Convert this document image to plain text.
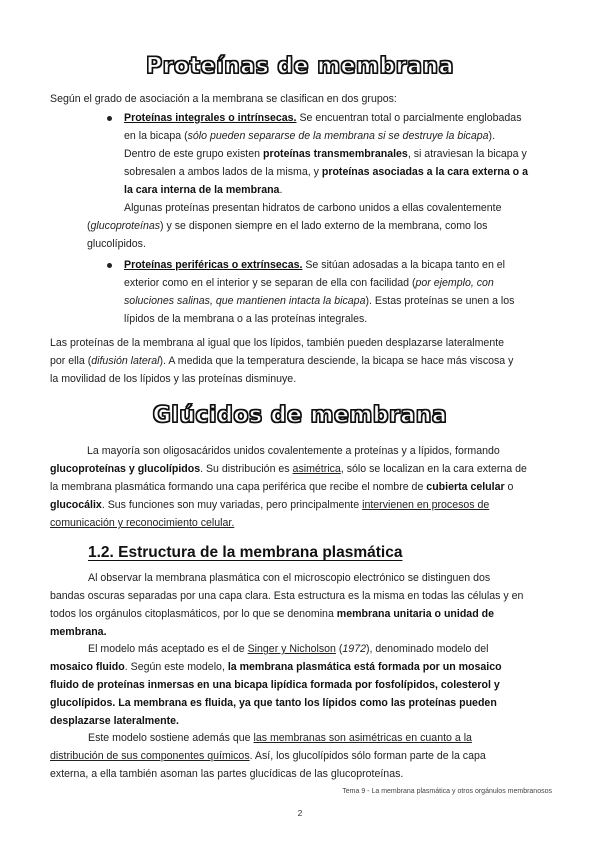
Proteínas de membrana
Según el grado de asociación a la membrana se clasifican en dos grupos:
Proteínas integrales o intrínsecas. Se encuentran total o parcialmente englobadas
en la bicapa (sólo pueden separarse de la membrana si se destruye la bicapa).
Dentro de este grupo existen proteínas transmembranales, si atraviesan la bicapa y
sobresalen a ambos lados de la misma, y proteínas asociadas a la cara externa o a
la cara interna de la membrana.
Algunas proteínas presentan hidratos de carbono unidos a ellas covalentemente
(glucoproteínas) y se disponen siempre en el lado externo de la membrana, como los
glucolípidos.
Proteínas periféricas o extrínsecas. Se sitúan adosadas a la bicapa tanto en el
exterior como en el interior y se separan de ella con facilidad (por ejemplo, con
soluciones salinas, que mantienen intacta la bicapa). Estas proteínas se unen a los
lípidos de la membrana o a las proteínas integrales.
Las proteínas de la membrana al igual que los lípidos, también pueden desplazarse lateralmente
por ella (difusión lateral). A medida que la temperatura desciende, la bicapa se hace más viscosa y
la movilidad de los lípidos y las proteínas disminuye.
Glúcidos de membrana
La mayoría son oligosacáridos unidos covalentemente a proteínas y a lípidos, formando
glucoproteínas y glucolípidos. Su distribución es asimétrica, sólo se localizan en la cara externa de
la membrana plasmática formando una capa periférica que recibe el nombre de cubierta celular o
glucocálix. Sus funciones son muy variadas, pero principalmente intervienen en procesos de
comunicación y reconocimiento celular.
1.2. Estructura de la membrana plasmática
Al observar la membrana plasmática con el microscopio electrónico se distinguen dos
bandas oscuras separadas por una capa clara. Esta estructura es la misma en todas las células y en
todos los orgánulos citoplasmáticos, por lo que se denomina membrana unitaria o unidad de
membrana.
El modelo más aceptado es el de Singer y Nicholson (1972), denominado modelo del
mosaico fluido. Según este modelo, la membrana plasmática está formada por un mosaico
fluido de proteínas inmersas en una bicapa lipídica formada por fosfolípidos, colesterol y
glucolípidos. La membrana es fluida, ya que tanto los lípidos como las proteínas pueden
desplazarse lateralmente.
Este modelo sostiene además que las membranas son asimétricas en cuanto a la
distribución de sus componentes químicos. Así, los glucolípidos sólo forman parte de la capa
externa, a ella también asoman las partes glucídicas de las glucoproteínas.
Tema 9 - La membrana plasmática y otros orgánulos membranosos
2
